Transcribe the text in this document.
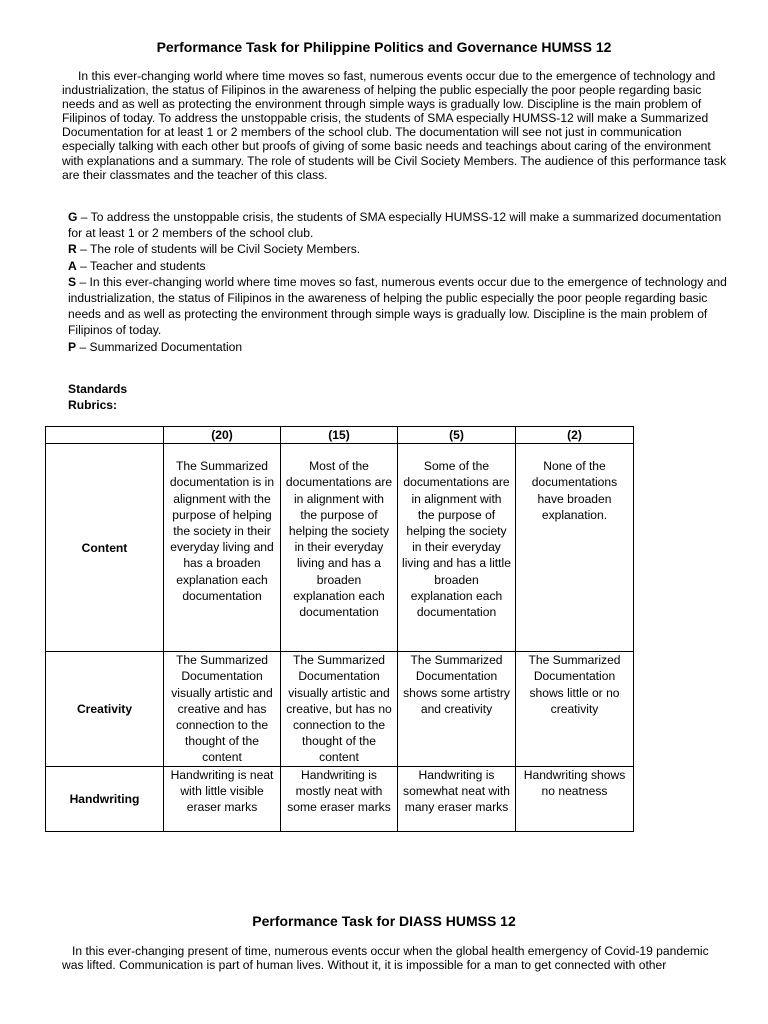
Performance Task for Philippine Politics and Governance HUMSS 12

In this ever-changing world where time moves so fast, numerous events occur due to the emergence of technology and industrialization, the status of Filipinos in the awareness of helping the public especially the poor people regarding basic needs and as well as protecting the environment through simple ways is gradually low. Discipline is the main problem of Filipinos of today. To address the unstoppable crisis, the students of SMA especially HUMSS-12 will make a Summarized Documentation for at least 1 or 2 members of the school club. The documentation will see not just in communication especially talking with each other but proofs of giving of some basic needs and teachings about caring of the environment with explanations and a summary. The role of students will be Civil Society Members. The audience of this performance task are their classmates and the teacher of this class.

G – To address the unstoppable crisis, the students of SMA especially HUMSS-12 will make a summarized documentation for at least 1 or 2 members of the school club.

R – The role of students will be Civil Society Members.

A – Teacher and students

S – In this ever-changing world where time moves so fast, numerous events occur due to the emergence of technology and industrialization, the status of Filipinos in the awareness of helping the public especially the poor people regarding basic needs and as well as protecting the environment through simple ways is gradually low. Discipline is the main problem of Filipinos of today.

P – Summarized Documentation

Standards
Rubrics:
	(20)	(15)	(5)	(2)
Content	The Summarized documentation is in alignment with the purpose of helping the society in their everyday living and has a broaden explanation each documentation	Most of the documentations are in alignment with the purpose of helping the society in their everyday living and has a broaden explanation each documentation	Some of the documentations are in alignment with the purpose of helping the society in their everyday living and has a little broaden explanation each documentation	None of the documentations have broaden explanation.
Creativity	The Summarized Documentation visually artistic and creative and has connection to the thought of the content	The Summarized Documentation visually artistic and creative, but has no connection to the thought of the content	The Summarized Documentation shows some artistry and creativity	The Summarized Documentation shows little or no creativity
Handwriting	Handwriting is neat with little visible eraser marks	Handwriting is mostly neat with some eraser marks	Handwriting is somewhat neat with many eraser marks	Handwriting shows no neatness
Performance Task for DIASS HUMSS 12

In this ever-changing present of time, numerous events occur when the global health emergency of Covid-19 pandemic was lifted. Communication is part of human lives. Without it, it is impossible for a man to get connected with other
